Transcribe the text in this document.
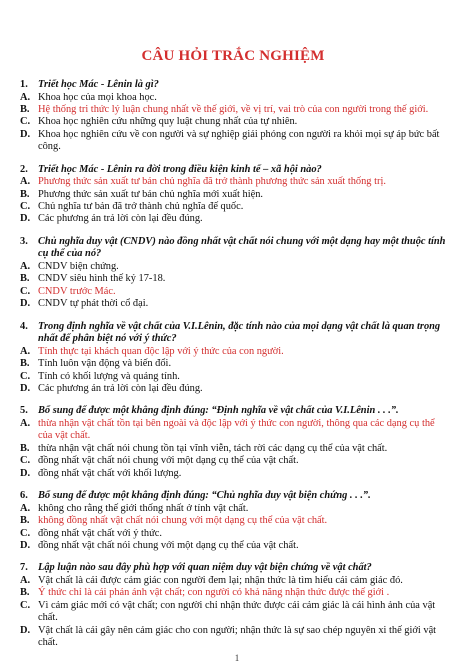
CÂU HỎI TRẮC NGHIỆM
1. Triết học Mác - Lênin là gì?
A. Khoa học của mọi khoa học.
B. Hệ thống tri thức lý luận chung nhất về thế giới, về vị trí, vai trò của con người trong thế giới.
C. Khoa học nghiên cứu những quy luật chung nhất của tự nhiên.
D. Khoa học nghiên cứu về con người và sự nghiệp giải phóng con người ra khỏi mọi sự áp bức bất công.
2. Triết học Mác - Lênin ra đời trong điều kiện kinh tế – xã hội nào?
A. Phương thức sản xuất tư bản chủ nghĩa đã trở thành phương thức sản xuất thống trị.
B. Phương thức sản xuất tư bản chủ nghĩa mới xuất hiện.
C. Chủ nghĩa tư bản đã trở thành chủ nghĩa đế quốc.
D. Các phương án trả lời còn lại đều đúng.
3. Chủ nghĩa duy vật (CNDV) nào đồng nhất vật chất nói chung với một dạng hay một thuộc tính cụ thể của nó?
A. CNDV biện chứng.
B. CNDV siêu hình thế kỷ 17-18.
C. CNDV trước Mác.
D. CNDV tự phát thời cổ đại.
4. Trong định nghĩa về vật chất của V.I.Lênin, đặc tính nào của mọi dạng vật chất là quan trọng nhất để phân biệt nó với ý thức?
A. Tính thực tại khách quan độc lập với ý thức của con người.
B. Tính luôn vận động và biến đổi.
C. Tính có khối lượng và quảng tính.
D. Các phương án trả lời còn lại đều đúng.
5. Bổ sung để được một khẳng định đúng: “Định nghĩa về vật chất của V.I.Lênin . . .”.
A. thừa nhận vật chất tồn tại bên ngoài và độc lập với ý thức con người, thông qua các dạng cụ thể của vật chất.
B. thừa nhận vật chất nói chung tồn tại vĩnh viễn, tách rời các dạng cụ thể của vật chất.
C. đồng nhất vật chất nói chung với một dạng cụ thể của vật chất.
D. đồng nhất vật chất với khối lượng.
6. Bổ sung để được một khẳng định đúng: “Chủ nghĩa duy vật biện chứng . . .”.
A. không cho rằng thế giới thống nhất ở tính vật chất.
B. không đồng nhất vật chất nói chung với một dạng cụ thể của vật chất.
C. đồng nhất vật chất với ý thức.
D. đồng nhất vật chất nói chung với một dạng cụ thể của vật chất.
7. Lập luận nào sau đây phù hợp với quan niệm duy vật biện chứng về vật chất?
A. Vật chất là cái được cảm giác con người đem lại; nhận thức là tìm hiểu cái cảm giác đó.
B. Ý thức chỉ là cái phản ánh vật chất; con người có khả năng nhận thức được thế giới .
C. Vì cảm giác mới có vật chất; con người chỉ nhận thức được cái cảm giác là cái hình ảnh của vật chất.
D. Vật chất là cái gây nên cảm giác cho con người; nhận thức là sự sao chép nguyên xi thế giới vật chất.
1
